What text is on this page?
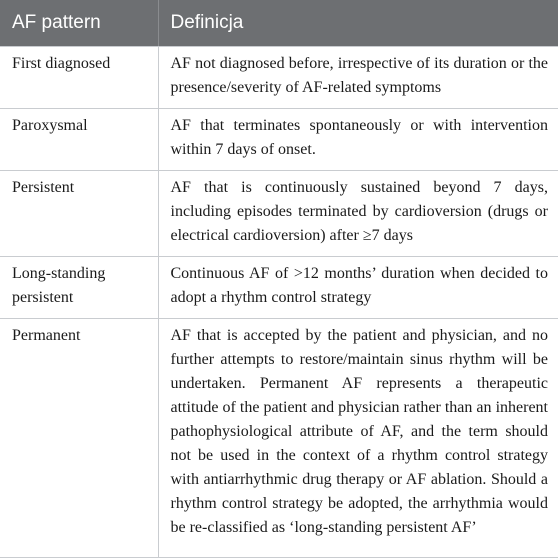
AF pattern	Definicja
First diagnosed	AF not diagnosed before, irrespective of its duration or the presence/severity of AF-related symptoms
Paroxysmal	AF that terminates spontaneously or with intervention within 7 days of onset.
Persistent	AF that is continuously sustained beyond 7 days, including episodes terminated by cardioversion (drugs or electrical cardioversion) after ≥7 days
Long-standing persistent	Continuous AF of >12 months’ duration when decided to adopt a rhythm control strategy
Permanent	AF that is accepted by the patient and physician, and no further attempts to restore/maintain sinus rhythm will be undertaken. Permanent AF represents a therapeutic attitude of the patient and physician rather than an inherent pathophysiological attribute of AF, and the term should not be used in the context of a rhythm control strategy with antiarrhythmic drug therapy or AF ablation. Should a rhythm control strategy be adopted, the arrhythmia would be re-classified as ‘long-standing persistent AF’
